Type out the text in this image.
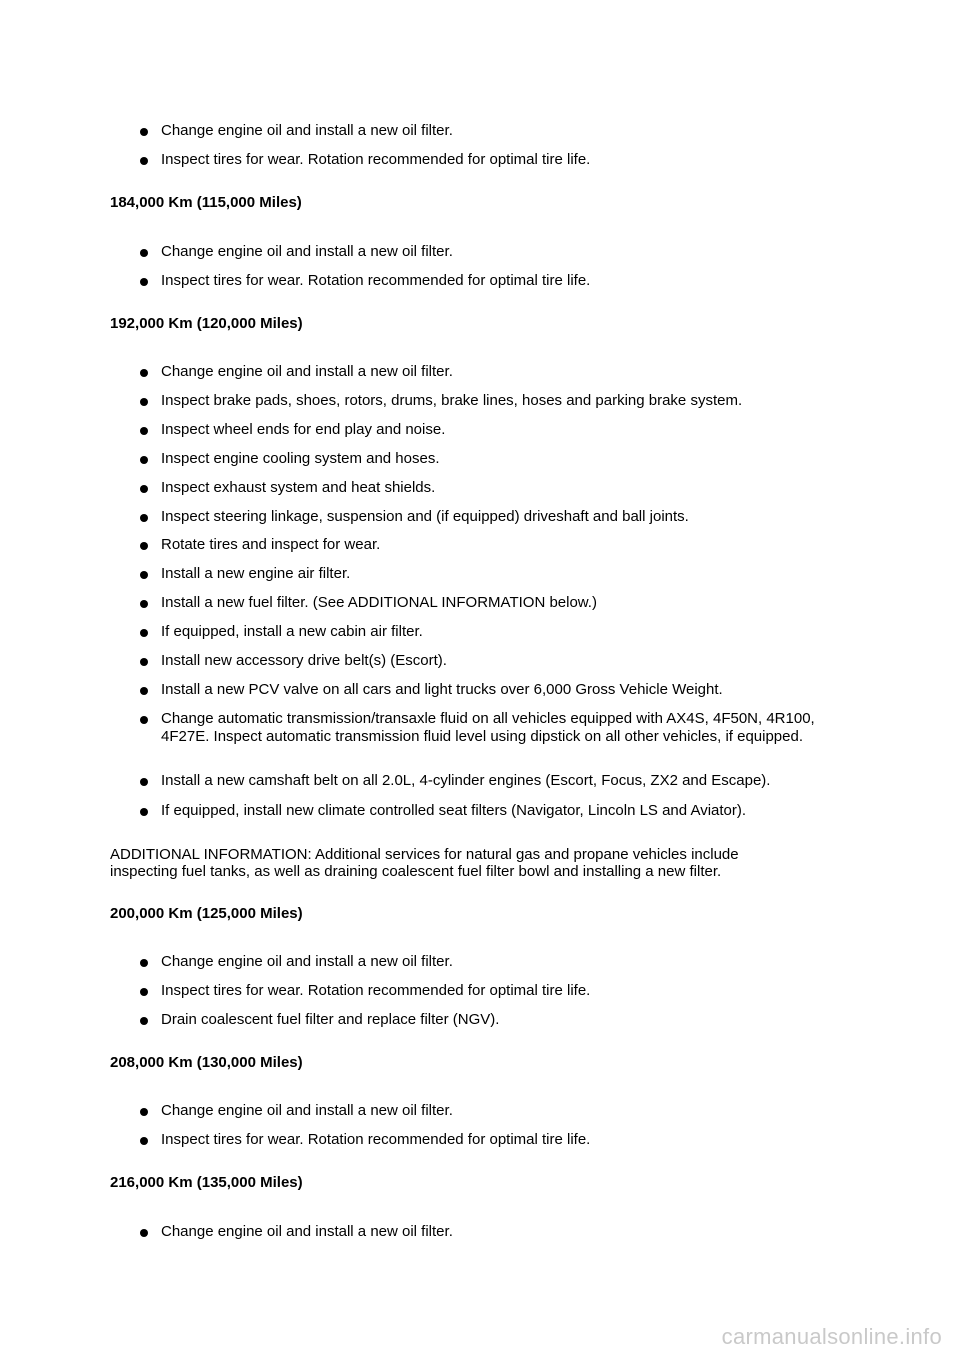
Change engine oil and install a new oil filter.
Inspect tires for wear. Rotation recommended for optimal tire life.
184,000 Km (115,000 Miles)
Change engine oil and install a new oil filter.
Inspect tires for wear. Rotation recommended for optimal tire life.
192,000 Km (120,000 Miles)
Change engine oil and install a new oil filter.
Inspect brake pads, shoes, rotors, drums, brake lines, hoses and parking brake system.
Inspect wheel ends for end play and noise.
Inspect engine cooling system and hoses.
Inspect exhaust system and heat shields.
Inspect steering linkage, suspension and (if equipped) driveshaft and ball joints.
Rotate tires and inspect for wear.
Install a new engine air filter.
Install a new fuel filter. (See ADDITIONAL INFORMATION below.)
If equipped, install a new cabin air filter.
Install new accessory drive belt(s) (Escort).
Install a new PCV valve on all cars and light trucks over 6,000 Gross Vehicle Weight.
Change automatic transmission/transaxle fluid on all vehicles equipped with AX4S, 4F50N, 4R100, 4F27E. Inspect automatic transmission fluid level using dipstick on all other vehicles, if equipped.
Install a new camshaft belt on all 2.0L, 4-cylinder engines (Escort, Focus, ZX2 and Escape).
If equipped, install new climate controlled seat filters (Navigator, Lincoln LS and Aviator).
ADDITIONAL INFORMATION: Additional services for natural gas and propane vehicles include inspecting fuel tanks, as well as draining coalescent fuel filter bowl and installing a new filter.
200,000 Km (125,000 Miles)
Change engine oil and install a new oil filter.
Inspect tires for wear. Rotation recommended for optimal tire life.
Drain coalescent fuel filter and replace filter (NGV).
208,000 Km (130,000 Miles)
Change engine oil and install a new oil filter.
Inspect tires for wear. Rotation recommended for optimal tire life.
216,000 Km (135,000 Miles)
Change engine oil and install a new oil filter.
carmanualsonline.info
